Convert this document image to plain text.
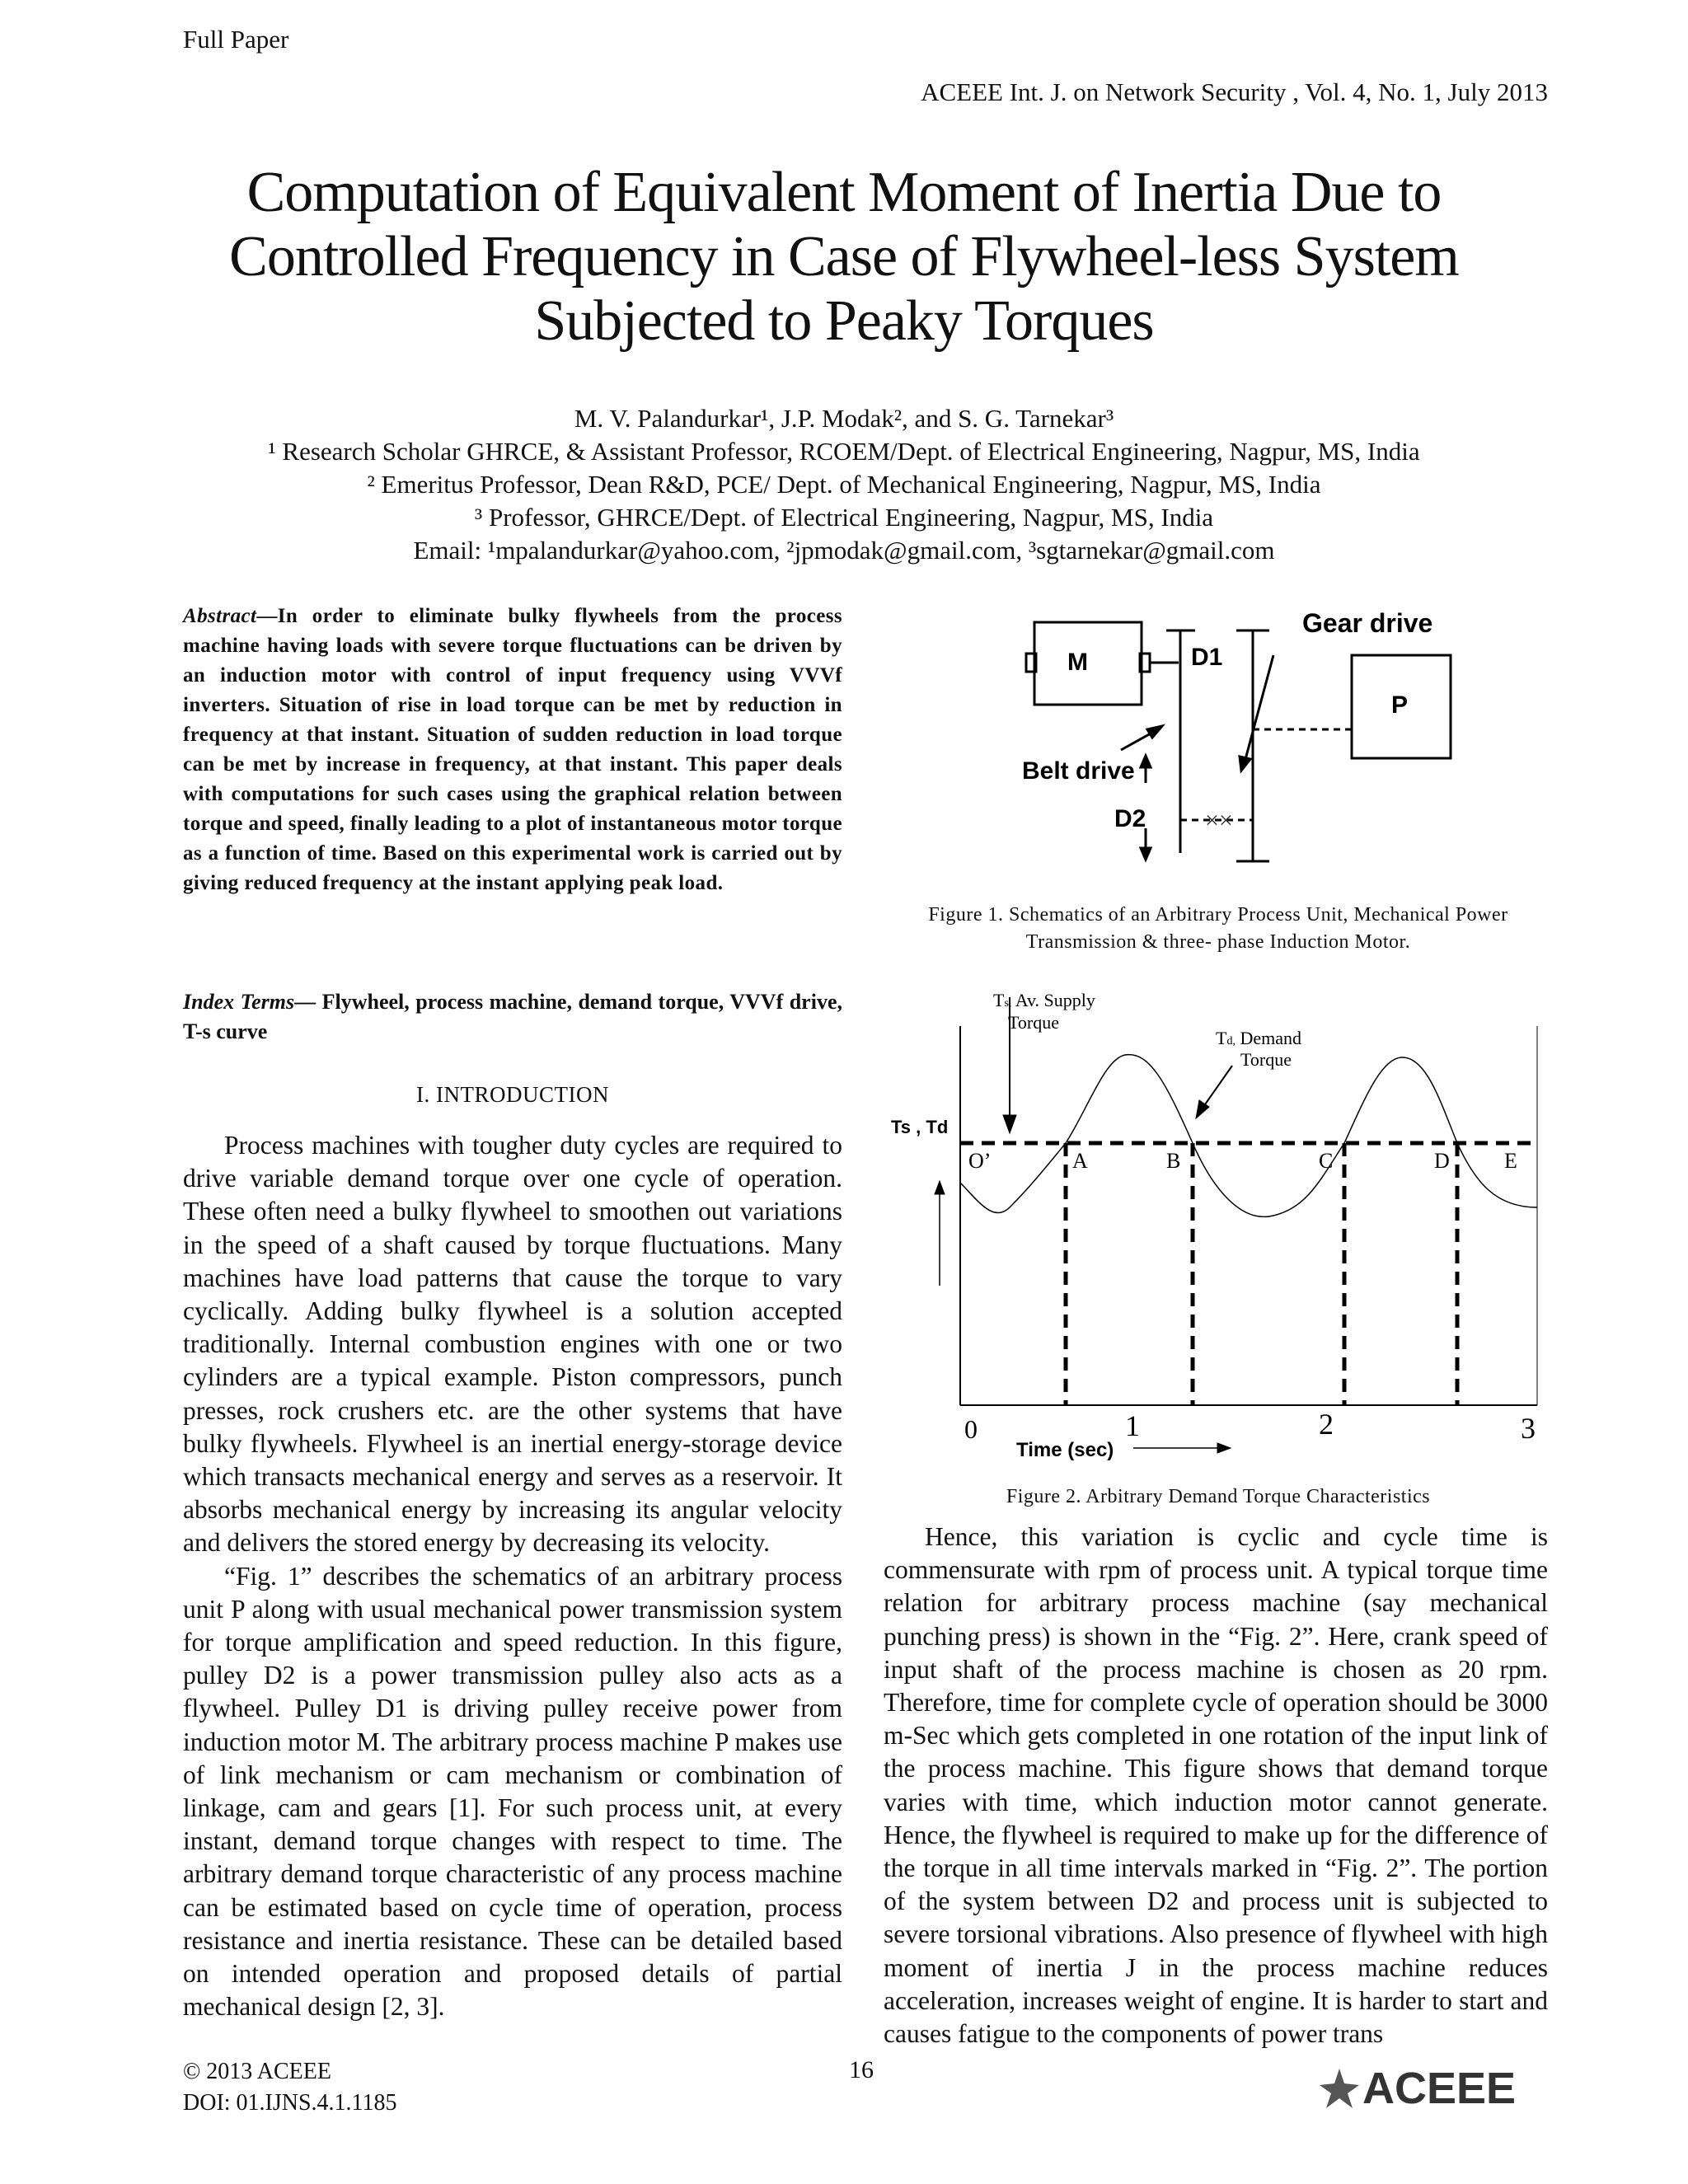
Full Paper
ACEEE Int. J. on Network Security , Vol. 4, No. 1, July 2013
Computation of Equivalent Moment of Inertia Due to
Controlled Frequency in Case of Flywheel-less System
Subjected to Peaky Torques
M. V. Palandurkar¹, J.P. Modak², and S. G. Tarnekar³
¹ Research Scholar GHRCE, & Assistant Professor, RCOEM/Dept. of Electrical Engineering, Nagpur, MS, India
² Emeritus Professor, Dean R&D, PCE/ Dept. of Mechanical Engineering, Nagpur, MS, India
³ Professor, GHRCE/Dept. of Electrical Engineering, Nagpur, MS, India
Email: ¹mpalandurkar@yahoo.com, ²jpmodak@gmail.com, ³sgtarnekar@gmail.com
Abstract—In order to eliminate bulky flywheels from the process machine having loads with severe torque fluctuations can be driven by an induction motor with control of input frequency using VVVf inverters. Situation of rise in load torque can be met by reduction in frequency at that instant. Situation of sudden reduction in load torque can be met by increase in frequency, at that instant. This paper deals with computations for such cases using the graphical relation between torque and speed, finally leading to a plot of instantaneous motor torque as a function of time. Based on this experimental work is carried out by giving reduced frequency at the instant applying peak load.
Index Terms— Flywheel, process machine, demand torque, VVVf drive, T-s curve
I. INTRODUCTION

Process machines with tougher duty cycles are required to drive variable demand torque over one cycle of operation. These often need a bulky flywheel to smoothen out variations in the speed of a shaft caused by torque fluctuations. Many machines have load patterns that cause the torque to vary cyclically. Adding bulky flywheel is a solution accepted traditionally. Internal combustion engines with one or two cylinders are a typical example. Piston compressors, punch presses, rock crushers etc. are the other systems that have bulky flywheels. Flywheel is an inertial energy-storage device which transacts mechanical energy and serves as a reservoir. It absorbs mechanical energy by increasing its angular velocity and delivers the stored energy by decreasing its velocity.

“Fig. 1” describes the schematics of an arbitrary process unit P along with usual mechanical power transmission system for torque amplification and speed reduction. In this figure, pulley D2 is a power transmission pulley also acts as a flywheel. Pulley D1 is driving pulley receive power from induction motor M. The arbitrary process machine P makes use of link mechanism or cam mechanism or combination of linkage, cam and gears [1]. For such process unit, at every instant, demand torque changes with respect to time. The arbitrary demand torque characteristic of any process machine can be estimated based on cycle time of operation, process resistance and inertia resistance. These can be detailed based on intended operation and proposed details of partial mechanical design [2, 3].

M
P
D1
D2
Gear drive
Belt drive
××
Figure 1. Schematics of an Arbitrary Process Unit, Mechanical Power Transmission & three- phase Induction Motor.
Ts, Av. Supply
Torque
Td, Demand
Torque
Ts , Td
O’	A	B	C	D	E
0	1	2	3
Time (sec)
Figure 2. Arbitrary Demand Torque Characteristics

Hence, this variation is cyclic and cycle time is commensurate with rpm of process unit. A typical torque time relation for arbitrary process machine (say mechanical punching press) is shown in the “Fig. 2”. Here, crank speed of input shaft of the process machine is chosen as 20 rpm. Therefore, time for complete cycle of operation should be 3000 m-Sec which gets completed in one rotation of the input link of the process machine. This figure shows that demand torque varies with time, which induction motor cannot generate. Hence, the flywheel is required to make up for the difference of the torque in all time intervals marked in “Fig. 2”. The portion of the system between D2 and process unit is subjected to severe torsional vibrations. Also presence of flywheel with high moment of inertia J in the process machine reduces acceleration, increases weight of engine. It is harder to start and causes fatigue to the components of power trans

© 2013 ACEEE
DOI: 01.IJNS.4.1.1185
16	ACEEE
